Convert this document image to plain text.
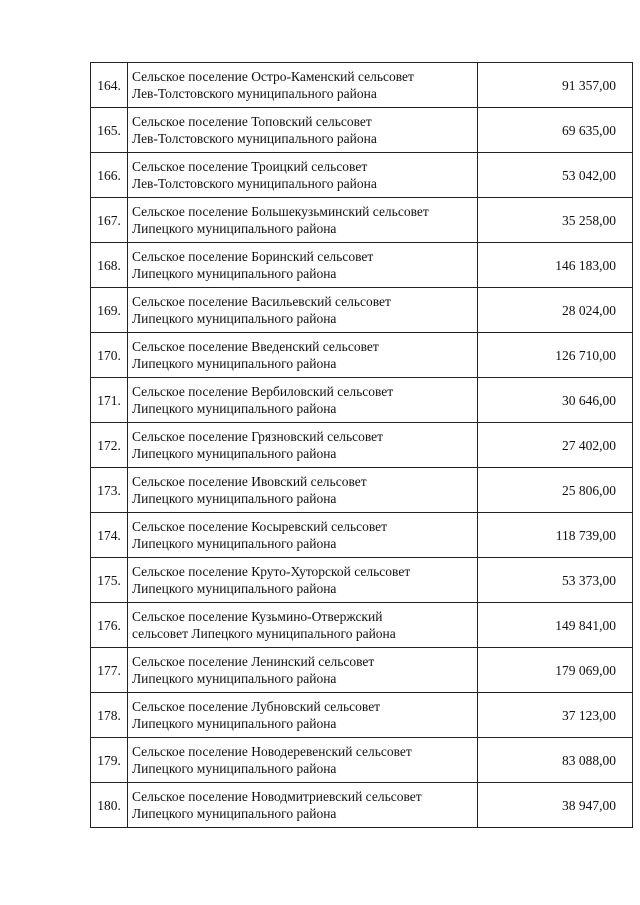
164.	Сельское поселение Остро-Каменский сельсовет
Лев-Толстовского муниципального района	91 357,00
165.	Сельское поселение Топовский сельсовет
Лев-Толстовского муниципального района	69 635,00
166.	Сельское поселение Троицкий сельсовет
Лев-Толстовского муниципального района	53 042,00
167.	Сельское поселение Большекузьминский сельсовет
Липецкого муниципального района	35 258,00
168.	Сельское поселение Боринский сельсовет
Липецкого муниципального района	146 183,00
169.	Сельское поселение Васильевский сельсовет
Липецкого муниципального района	28 024,00
170.	Сельское поселение Введенский сельсовет
Липецкого муниципального района	126 710,00
171.	Сельское поселение Вербиловский сельсовет
Липецкого муниципального района	30 646,00
172.	Сельское поселение Грязновский сельсовет
Липецкого муниципального района	27 402,00
173.	Сельское поселение Ивовский сельсовет
Липецкого муниципального района	25 806,00
174.	Сельское поселение Косыревский сельсовет
Липецкого муниципального района	118 739,00
175.	Сельское поселение Круто-Хуторской сельсовет
Липецкого муниципального района	53 373,00
176.	Сельское поселение Кузьмино-Отвержский
сельсовет Липецкого муниципального района	149 841,00
177.	Сельское поселение Ленинский сельсовет
Липецкого муниципального района	179 069,00
178.	Сельское поселение Лубновский сельсовет
Липецкого муниципального района	37 123,00
179.	Сельское поселение Новодеревенский сельсовет
Липецкого муниципального района	83 088,00
180.	Сельское поселение Новодмитриевский сельсовет
Липецкого муниципального района	38 947,00
